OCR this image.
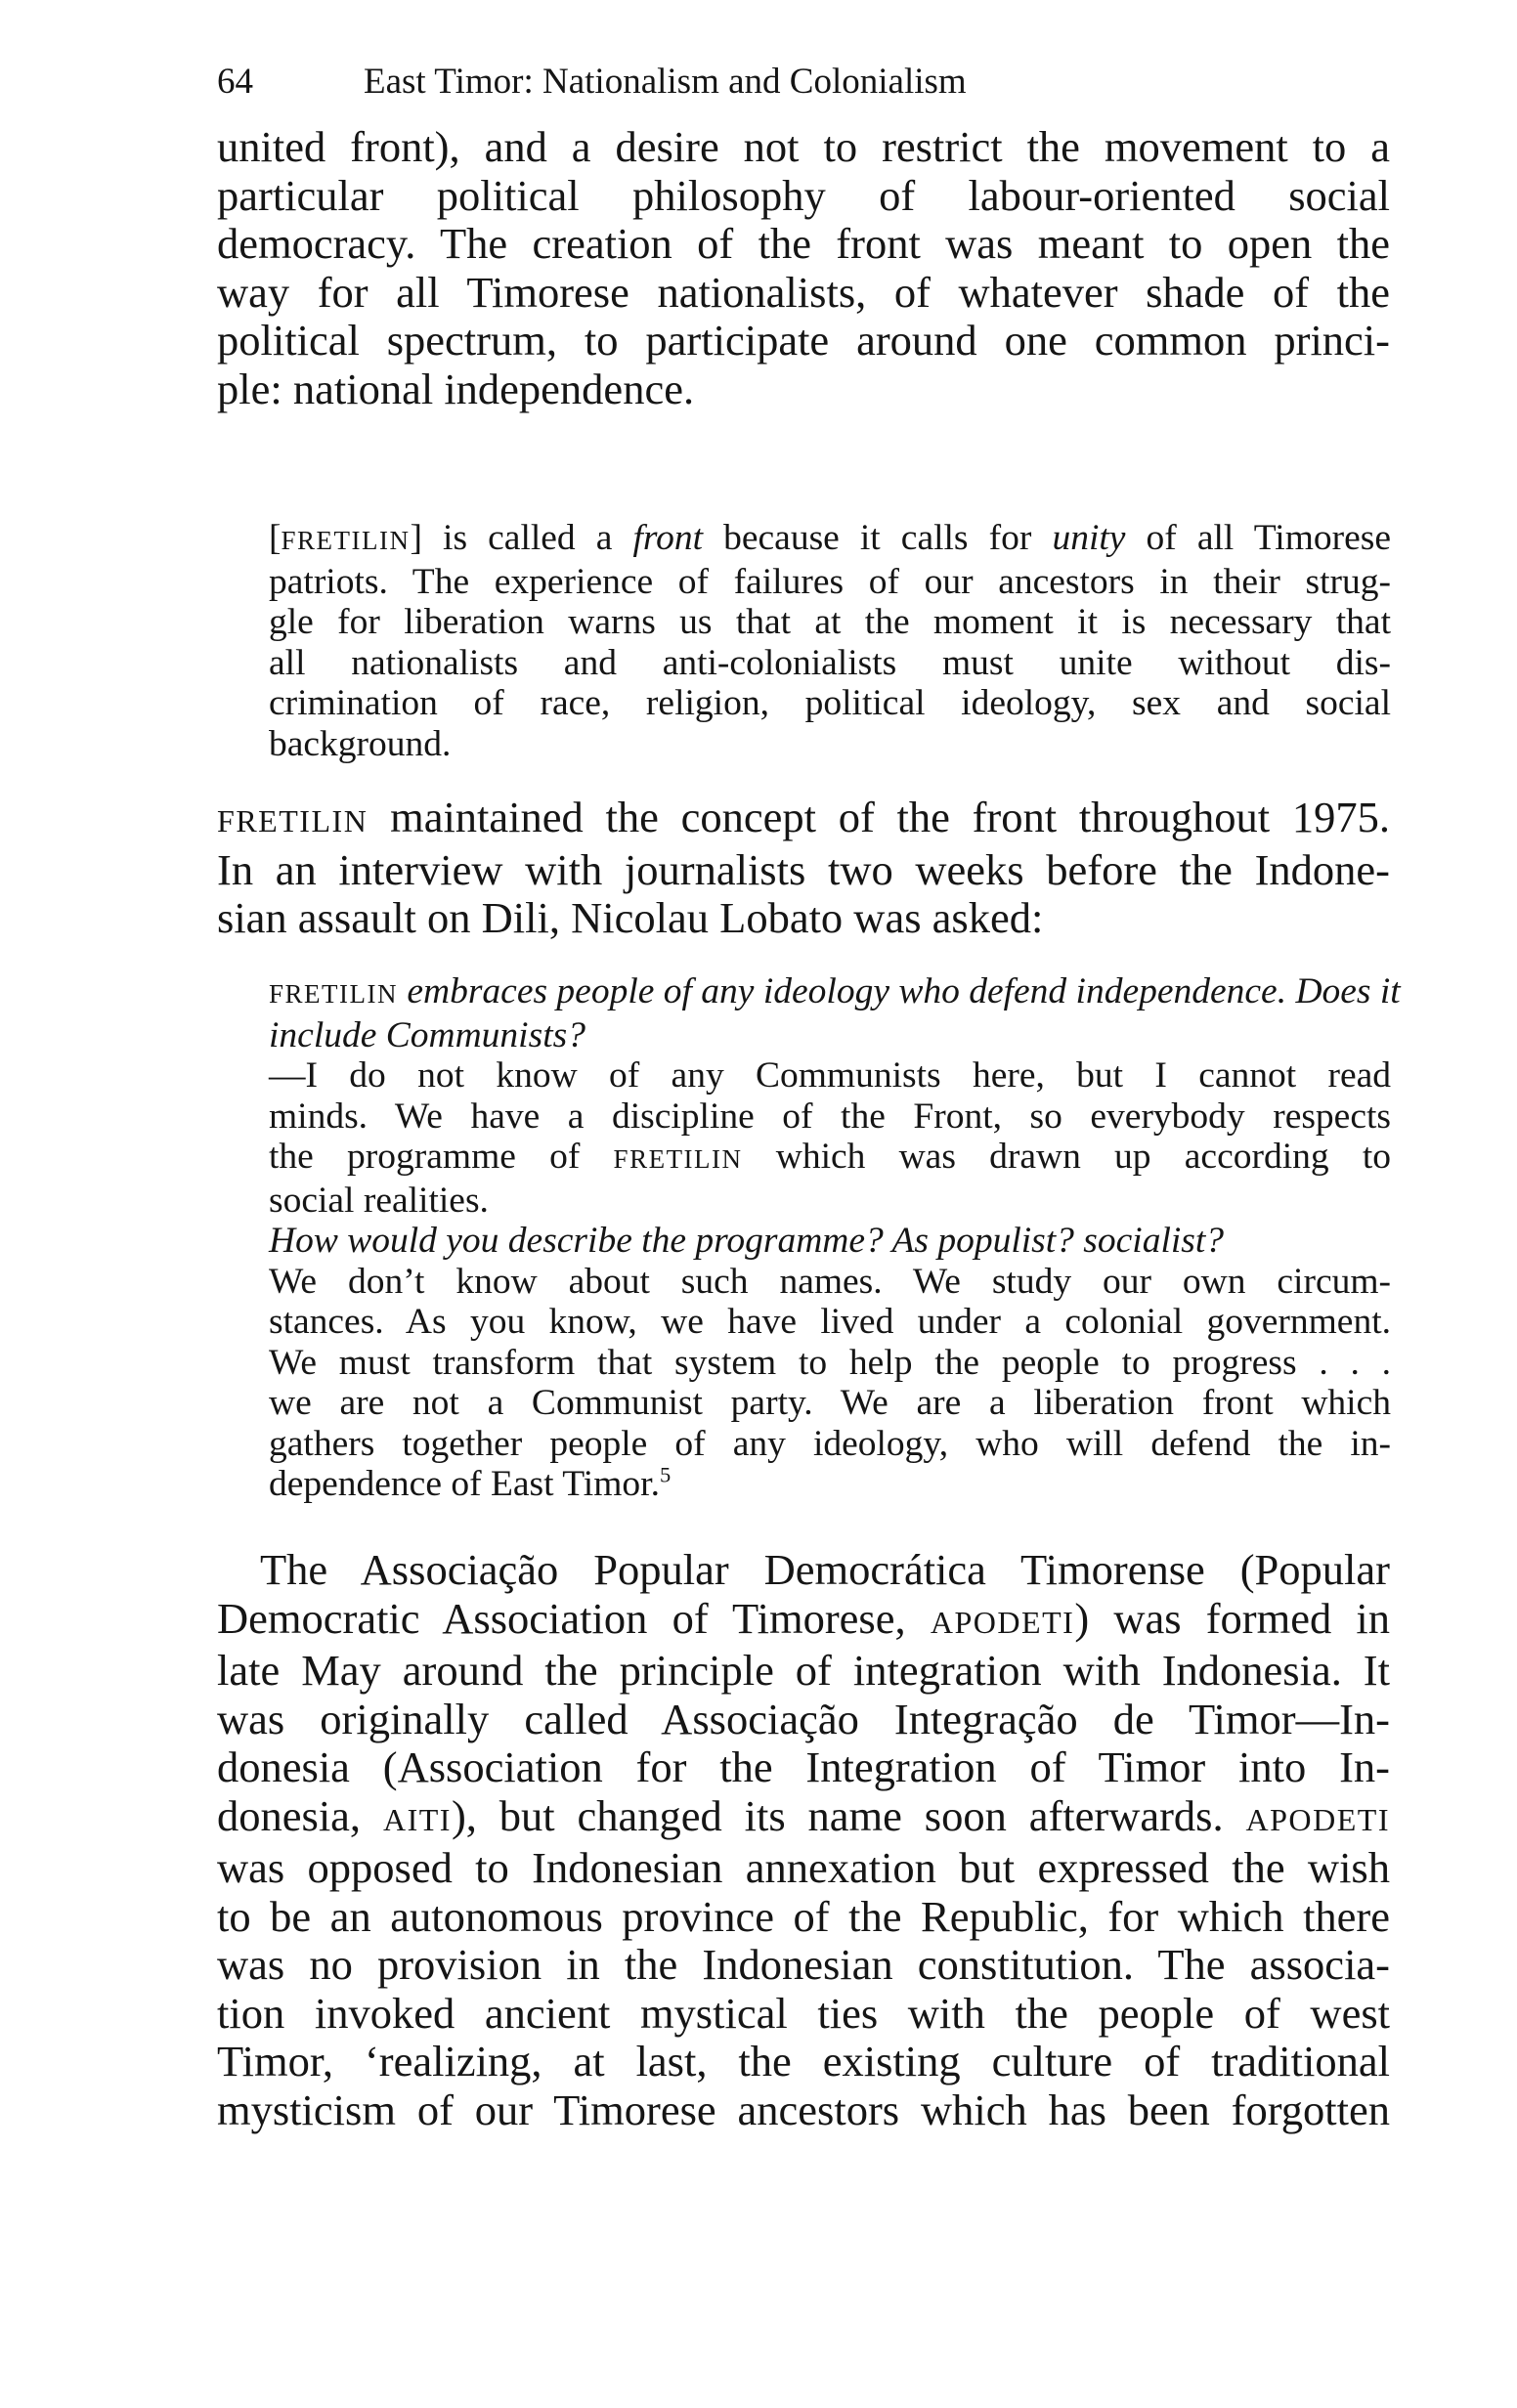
64	East Timor: Nationalism and Colonialism
united front), and a desire not to restrict the movement to a
particular political philosophy of labour-oriented social
democracy. The creation of the front was meant to open the
way for all Timorese nationalists, of whatever shade of the
political spectrum, to participate around one common princi-
ple: national independence.
[FRETILIN] is called a front because it calls for unity of all Timorese
patriots. The experience of failures of our ancestors in their strug-
gle for liberation warns us that at the moment it is necessary that
all nationalists and anti-colonialists must unite without dis-
crimination of race, religion, political ideology, sex and social
background.
FRETILIN maintained the concept of the front throughout 1975.
In an interview with journalists two weeks before the Indone-
sian assault on Dili, Nicolau Lobato was asked:
FRETILIN embraces people of any ideology who defend independence. Does it
include Communists?
—I do not know of any Communists here, but I cannot read
minds. We have a discipline of the Front, so everybody respects
the programme of FRETILIN which was drawn up according to
social realities.
How would you describe the programme? As populist? socialist?
We don’t know about such names. We study our own circum-
stances. As you know, we have lived under a colonial government.
We must transform that system to help the people to progress . . .
we are not a Communist party. We are a liberation front which
gathers together people of any ideology, who will defend the in-
dependence of East Timor.$^5$
The Associação Popular Democrática Timorense (Popular
Democratic Association of Timorese, APODETI) was formed in
late May around the principle of integration with Indonesia. It
was originally called Associação Integração de Timor—In-
donesia (Association for the Integration of Timor into In-
donesia, AITI), but changed its name soon afterwards. APODETI
was opposed to Indonesian annexation but expressed the wish
to be an autonomous province of the Republic, for which there
was no provision in the Indonesian constitution. The associa-
tion invoked ancient mystical ties with the people of west
Timor, ‘realizing, at last, the existing culture of traditional
mysticism of our Timorese ancestors which has been forgotten
